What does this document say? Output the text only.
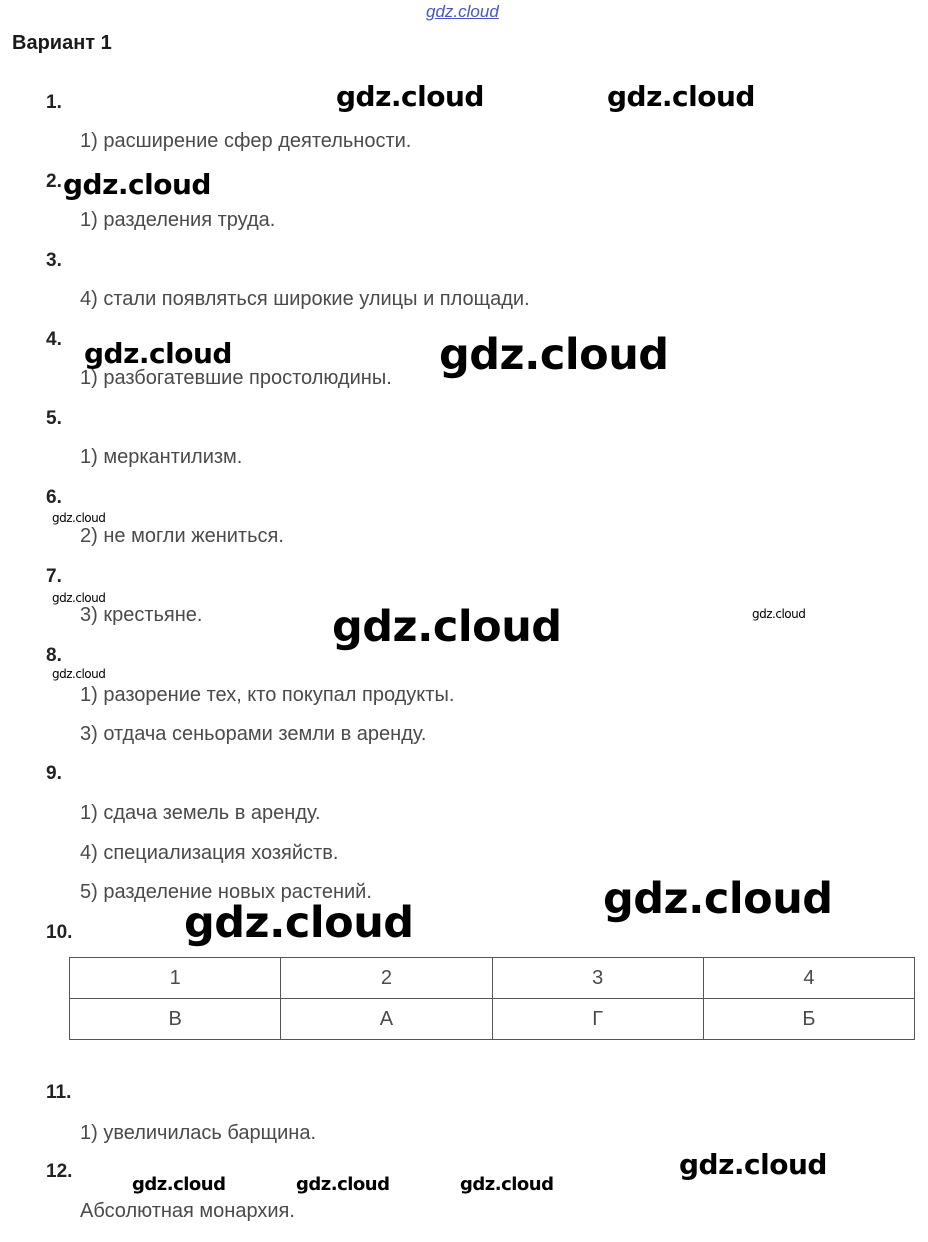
gdz.cloud
Вариант 1
1.
1) расширение сфер деятельности.
2.
1) разделения труда.
3.
4) стали появляться широкие улицы и площади.
4.
1) разбогатевшие простолюдины.
5.
1) меркантилизм.
6.
2) не могли жениться.
7.
3) крестьяне.
8.
1) разорение тех, кто покупал продукты.
3) отдача сеньорами земли в аренду.
9.
1) сдача земель в аренду.
4) специализация хозяйств.
5) разделение новых растений.
10.
1	2	3	4
В	А	Г	Б
11.
1) увеличилась барщина.
12.
Абсолютная монархия.
gdz.cloud	gdz.cloud
gdz.cloud
gdz.cloud	gdz.cloud
gdz.cloud
gdz.cloud
gdz.cloud	gdz.cloud
gdz.cloud
gdz.cloud
gdz.cloud
gdz.cloud
gdz.cloud	gdz.cloud	gdz.cloud
